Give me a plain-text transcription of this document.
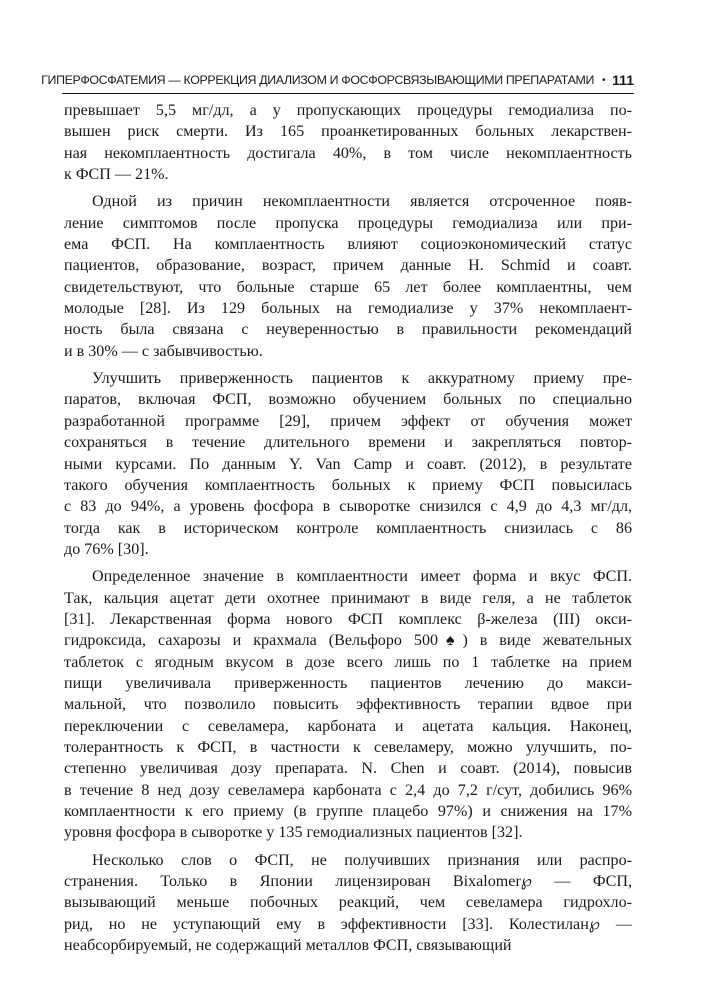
ГИПЕРФОСФАТЕМИЯ — КОРРЕКЦИЯ ДИАЛИЗОМ И ФОСФОРСВЯЗЫВАЮЩИМИ ПРЕПАРАТАМИ • 111
превышает 5,5 мг/дл, а у пропускающих процедуры гемодиализа по-
вышен риск смерти. Из 165 проанкетированных больных лекарствен-
ная некомплаентность достигала 40%, в том числе некомплаентность
к ФСП — 21%.
Одной из причин некомплаентности является отсроченное появ-
ление симптомов после пропуска процедуры гемодиализа или при-
ема ФСП. На комплаентность влияют социоэкономический статус
пациентов, образование, возраст, причем данные H. Schmid и соавт.
свидетельствуют, что больные старше 65 лет более комплаентны, чем
молодые [28]. Из 129 больных на гемодиализе у 37% некомплаент-
ность была связана с неуверенностью в правильности рекомендаций
и в 30% — с забывчивостью.
Улучшить приверженность пациентов к аккуратному приему пре-
паратов, включая ФСП, возможно обучением больных по специально
разработанной программе [29], причем эффект от обучения может
сохраняться в течение длительного времени и закрепляться повтор-
ными курсами. По данным Y. Van Camp и соавт. (2012), в результате
такого обучения комплаентность больных к приему ФСП повысилась
с 83 до 94%, а уровень фосфора в сыворотке снизился с 4,9 до 4,3 мг/дл,
тогда как в историческом контроле комплаентность снизилась с 86
до 76% [30].
Определенное значение в комплаентности имеет форма и вкус ФСП.
Так, кальция ацетат дети охотнее принимают в виде геля, а не таблеток
[31]. Лекарственная форма нового ФСП комплекс β-железа (III) окси-
гидроксида, сахарозы и крахмала (Вельфоро 500♠) в виде жевательных
таблеток с ягодным вкусом в дозе всего лишь по 1 таблетке на прием
пищи увеличивала приверженность пациентов лечению до макси-
мальной, что позволило повысить эффективность терапии вдвое при
переключении с севеламера, карбоната и ацетата кальция. Наконец,
толерантность к ФСП, в частности к севеламеру, можно улучшить, по-
степенно увеличивая дозу препарата. N. Chen и соавт. (2014), повысив
в течение 8 нед дозу севеламера карбоната с 2,4 до 7,2 г/сут, добились 96%
комплаентности к его приему (в группе плацебо 97%) и снижения на 17%
уровня фосфора в сыворотке у 135 гемодиализных пациентов [32].
Несколько слов о ФСП, не получивших признания или распро-
странения. Только в Японии лицензирован Bixalomer℘ — ФСП,
вызывающий меньше побочных реакций, чем севеламера гидрохло-
рид, но не уступающий ему в эффективности [33]. Колестилан℘ —
неабсорбируемый, не содержащий металлов ФСП, связывающий
